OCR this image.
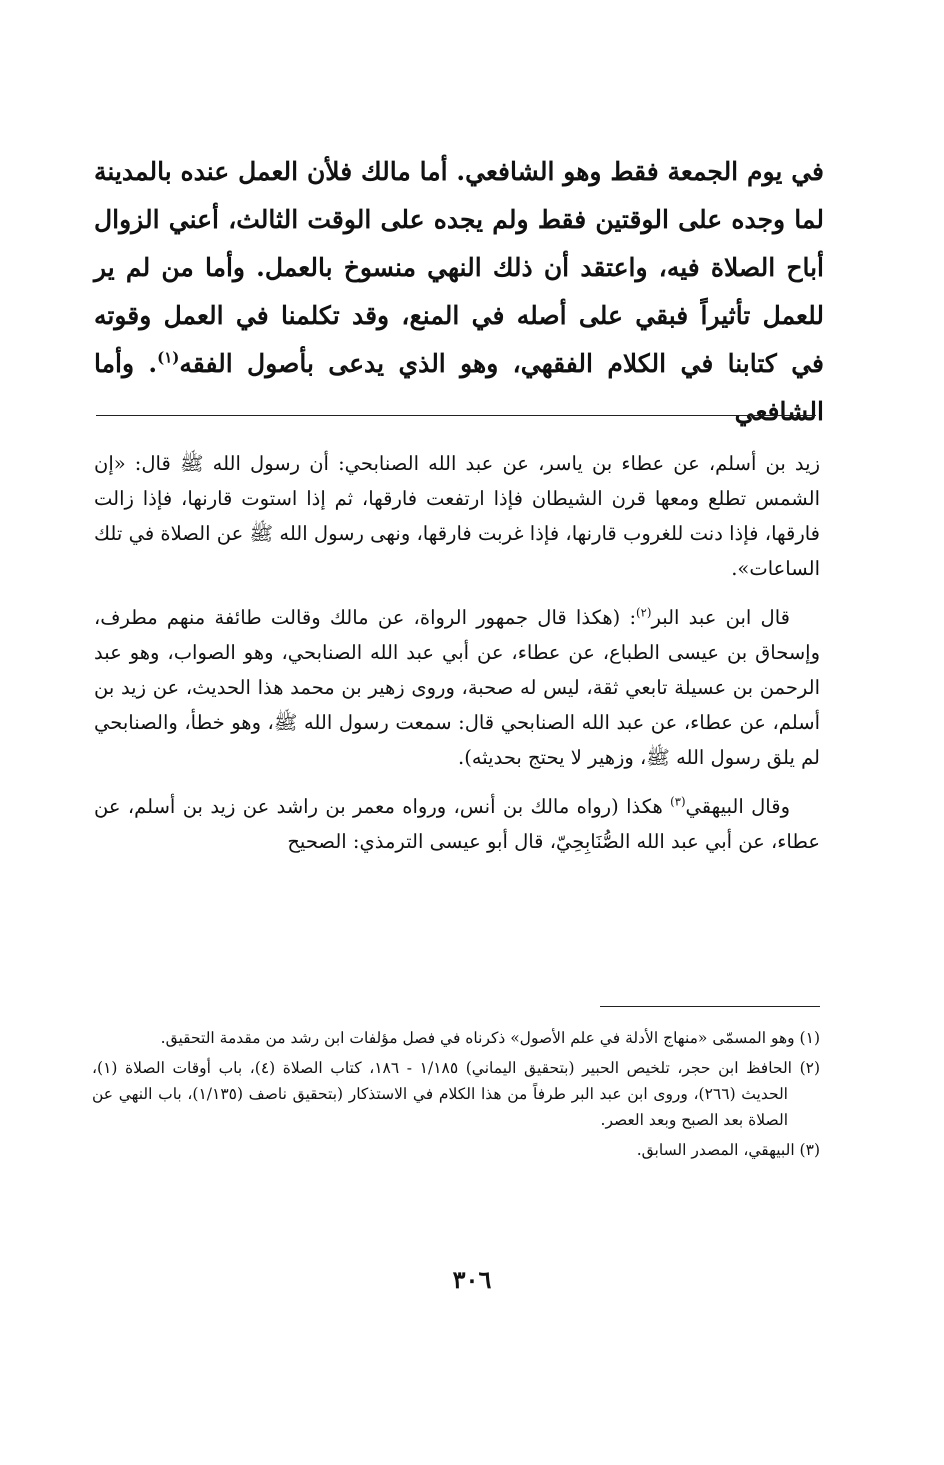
في يوم الجمعة فقط وهو الشافعي. أما مالك فلأن العمل عنده بالمدينة لما وجده على الوقتين فقط ولم يجده على الوقت الثالث، أعني الزوال أباح الصلاة فيه، واعتقد أن ذلك النهي منسوخ بالعمل. وأما من لم ير للعمل تأثيراً فبقي على أصله في المنع، وقد تكلمنا في العمل وقوته في كتابنا في الكلام الفقهي، وهو الذي يدعى بأصول الفقه$^{(١)}$. وأما الشافعي

زيد بن أسلم، عن عطاء بن ياسر، عن عبد الله الصنابحي: أن رسول الله ﷺ قال: «إن الشمس تطلع ومعها قرن الشيطان فإذا ارتفعت فارقها، ثم إذا استوت قارنها، فإذا زالت فارقها، فإذا دنت للغروب قارنها، فإذا غربت فارقها، ونهى رسول الله ﷺ عن الصلاة في تلك الساعات».

قال ابن عبد البر$^{(٢)}$: (هكذا قال جمهور الرواة، عن مالك وقالت طائفة منهم مطرف، وإسحاق بن عيسى الطباع، عن عطاء، عن أبي عبد الله الصنابحي، وهو الصواب، وهو عبد الرحمن بن عسيلة تابعي ثقة، ليس له صحبة، وروى زهير بن محمد هذا الحديث، عن زيد بن أسلم، عن عطاء، عن عبد الله الصنابحي قال: سمعت رسول الله ﷺ، وهو خطأ، والصنابحي لم يلق رسول الله ﷺ، وزهير لا يحتج بحديثه).

وقال البيهقي$^{(٣)}$ هكذا (رواه مالك بن أنس، ورواه معمر بن راشد عن زيد بن أسلم، عن عطاء، عن أبي عبد الله الصُّنَابِحِيّ، قال أبو عيسى الترمذي: الصحيح

(١) وهو المسمّى «منهاج الأدلة في علم الأصول» ذكرناه في فصل مؤلفات ابن رشد من مقدمة التحقيق.

(٢) الحافظ ابن حجر، تلخيص الحبير (بتحقيق اليماني) ١/١٨٥ - ١٨٦، كتاب الصلاة (٤)، باب أوقات الصلاة (١)، الحديث (٢٦٦)، وروى ابن عبد البر طرفاً من هذا الكلام في الاستذكار (بتحقيق ناصف (١/١٣٥)، باب النهي عن الصلاة بعد الصبح وبعد العصر.

(٣) البيهقي، المصدر السابق.

٣٠٦
